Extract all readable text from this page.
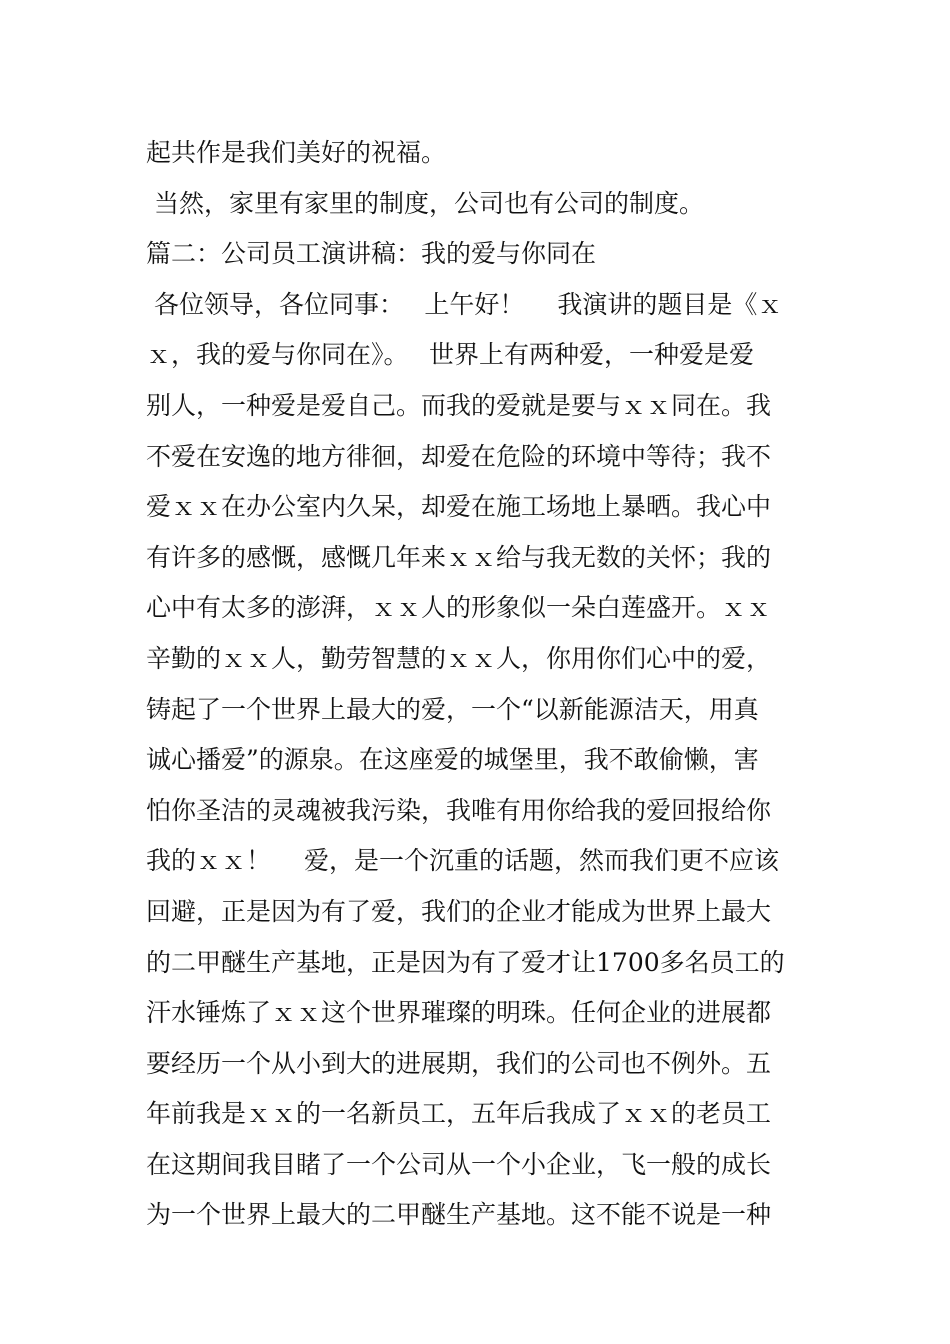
起共作是我们美好的祝福。
当然，家里有家里的制度，公司也有公司的制度。
篇二：公司员工演讲稿：我的爱与你同在
各位领导，各位同事：　 上午好！　 我演讲的题目是《ｘ
ｘ，我的爱与你同在》。　 世界上有两种爱，一种爱是爱
别人，一种爱是爱自己。而我的爱就是要与ｘｘ同在。我
不爱在安逸的地方徘徊，却爱在危险的环境中等待；我不
爱ｘｘ在办公室内久呆，却爱在施工场地上暴晒。我心中
有许多的感慨，感慨几年来ｘｘ给与我无数的关怀；我的
心中有太多的澎湃，ｘｘ人的形象似一朵白莲盛开。ｘｘ
辛勤的ｘｘ人，勤劳智慧的ｘｘ人，你用你们心中的爱，
铸起了一个世界上最大的爱，一个“以新能源洁天，用真
诚心播爱”的源泉。在这座爱的城堡里，我不敢偷懒，害
怕你圣洁的灵魂被我污染，我唯有用你给我的爱回报给你
我的ｘｘ！　 爱，是一个沉重的话题，然而我们更不应该
回避，正是因为有了爱，我们的企业才能成为世界上最大
的二甲醚生产基地，正是因为有了爱才让1700多名员工的
汗水锤炼了ｘｘ这个世界璀璨的明珠。任何企业的进展都
要经历一个从小到大的进展期，我们的公司也不例外。五
年前我是ｘｘ的一名新员工，五年后我成了ｘｘ的老员工
在这期间我目睹了一个公司从一个小企业，飞一般的成长
为一个世界上最大的二甲醚生产基地。这不能不说是一种
